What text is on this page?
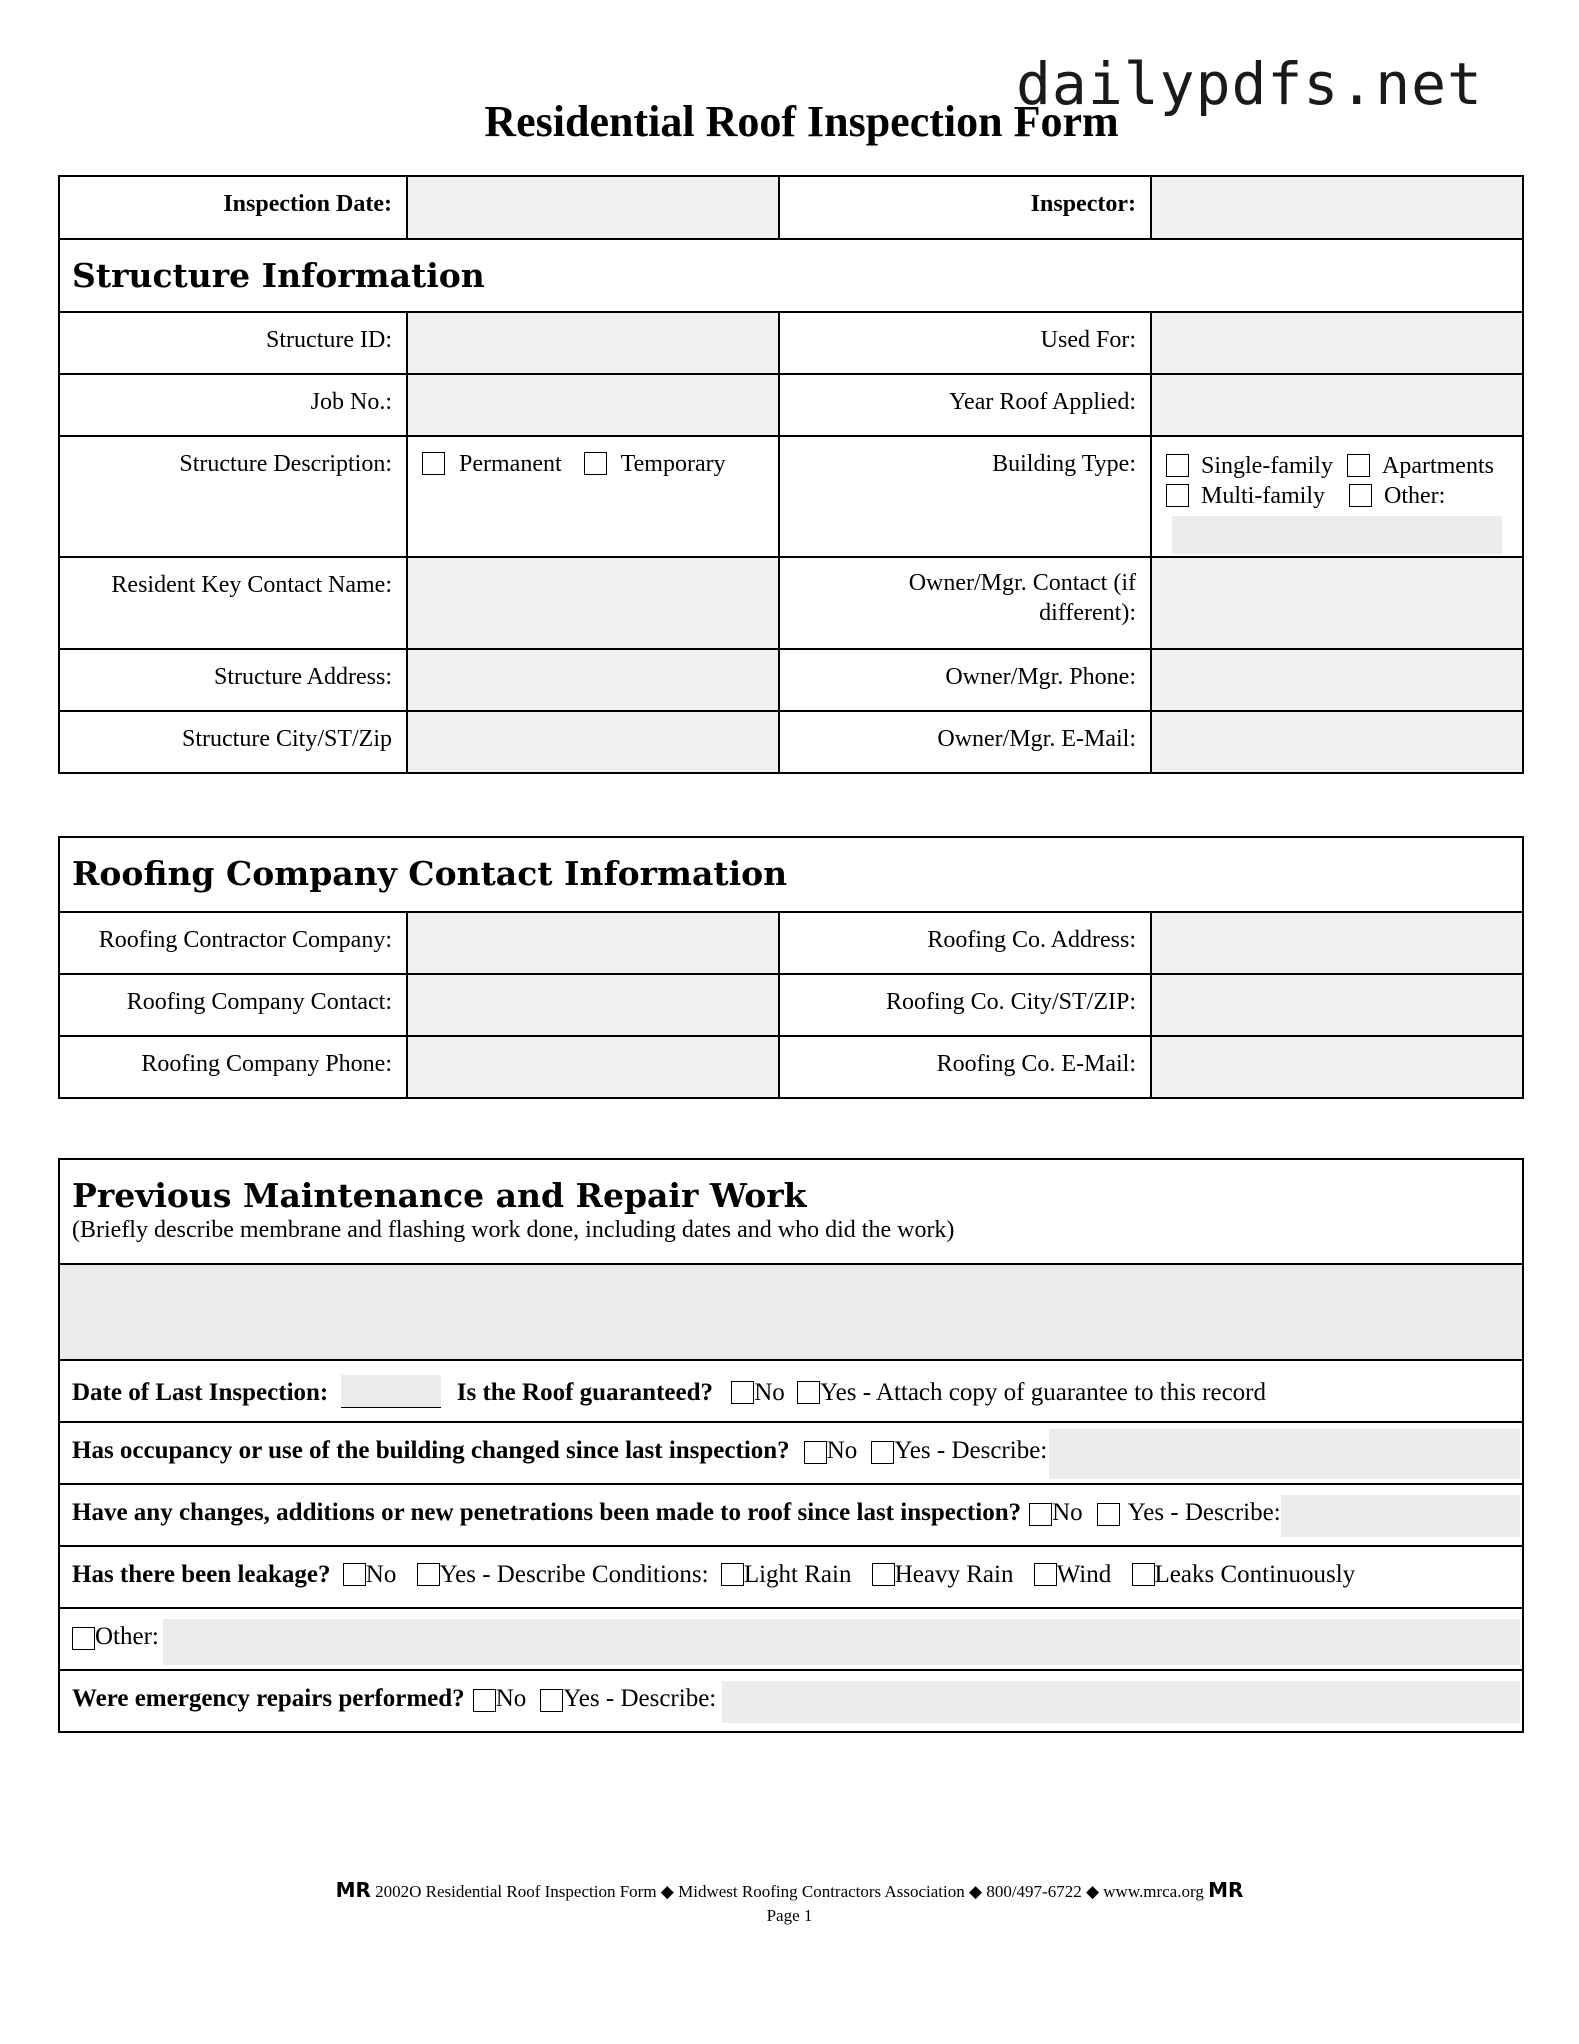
dailypdfs.net
Residential Roof Inspection Form
Inspection Date:	Inspector:
Structure Information
Structure ID:	Used For:
Job No.:	Year Roof Applied:
Structure Description:	Permanent Temporary	Building Type:	Single-family Apartments
Multi-family Other:
Resident Key Contact Name:	Owner/Mgr. Contact (if different):
Structure Address:	Owner/Mgr. Phone:
Structure City/ST/Zip	Owner/Mgr. E-Mail:
Roofing Company Contact Information
Roofing Contractor Company:	Roofing Co. Address:
Roofing Company Contact:	Roofing Co. City/ST/ZIP:
Roofing Company Phone:	Roofing Co. E-Mail:
Previous Maintenance and Repair Work
(Briefly describe membrane and flashing work done, including dates and who did the work)
Date of Last Inspection:	Is the Roof guaranteed? No Yes - Attach copy of guarantee to this record
Has occupancy or use of the building changed since last inspection? No Yes - Describe:
Have any changes, additions or new penetrations been made to roof since last inspection? No Yes - Describe:
Has there been leakage? No Yes - Describe Conditions: Light Rain Heavy Rain Wind Leaks Continuously
Other:
Were emergency repairs performed? No Yes - Describe:
MR 2002O Residential Roof Inspection Form ◆ Midwest Roofing Contractors Association ◆ 800/497-6722 ◆ www.mrca.org MR
Page 1
